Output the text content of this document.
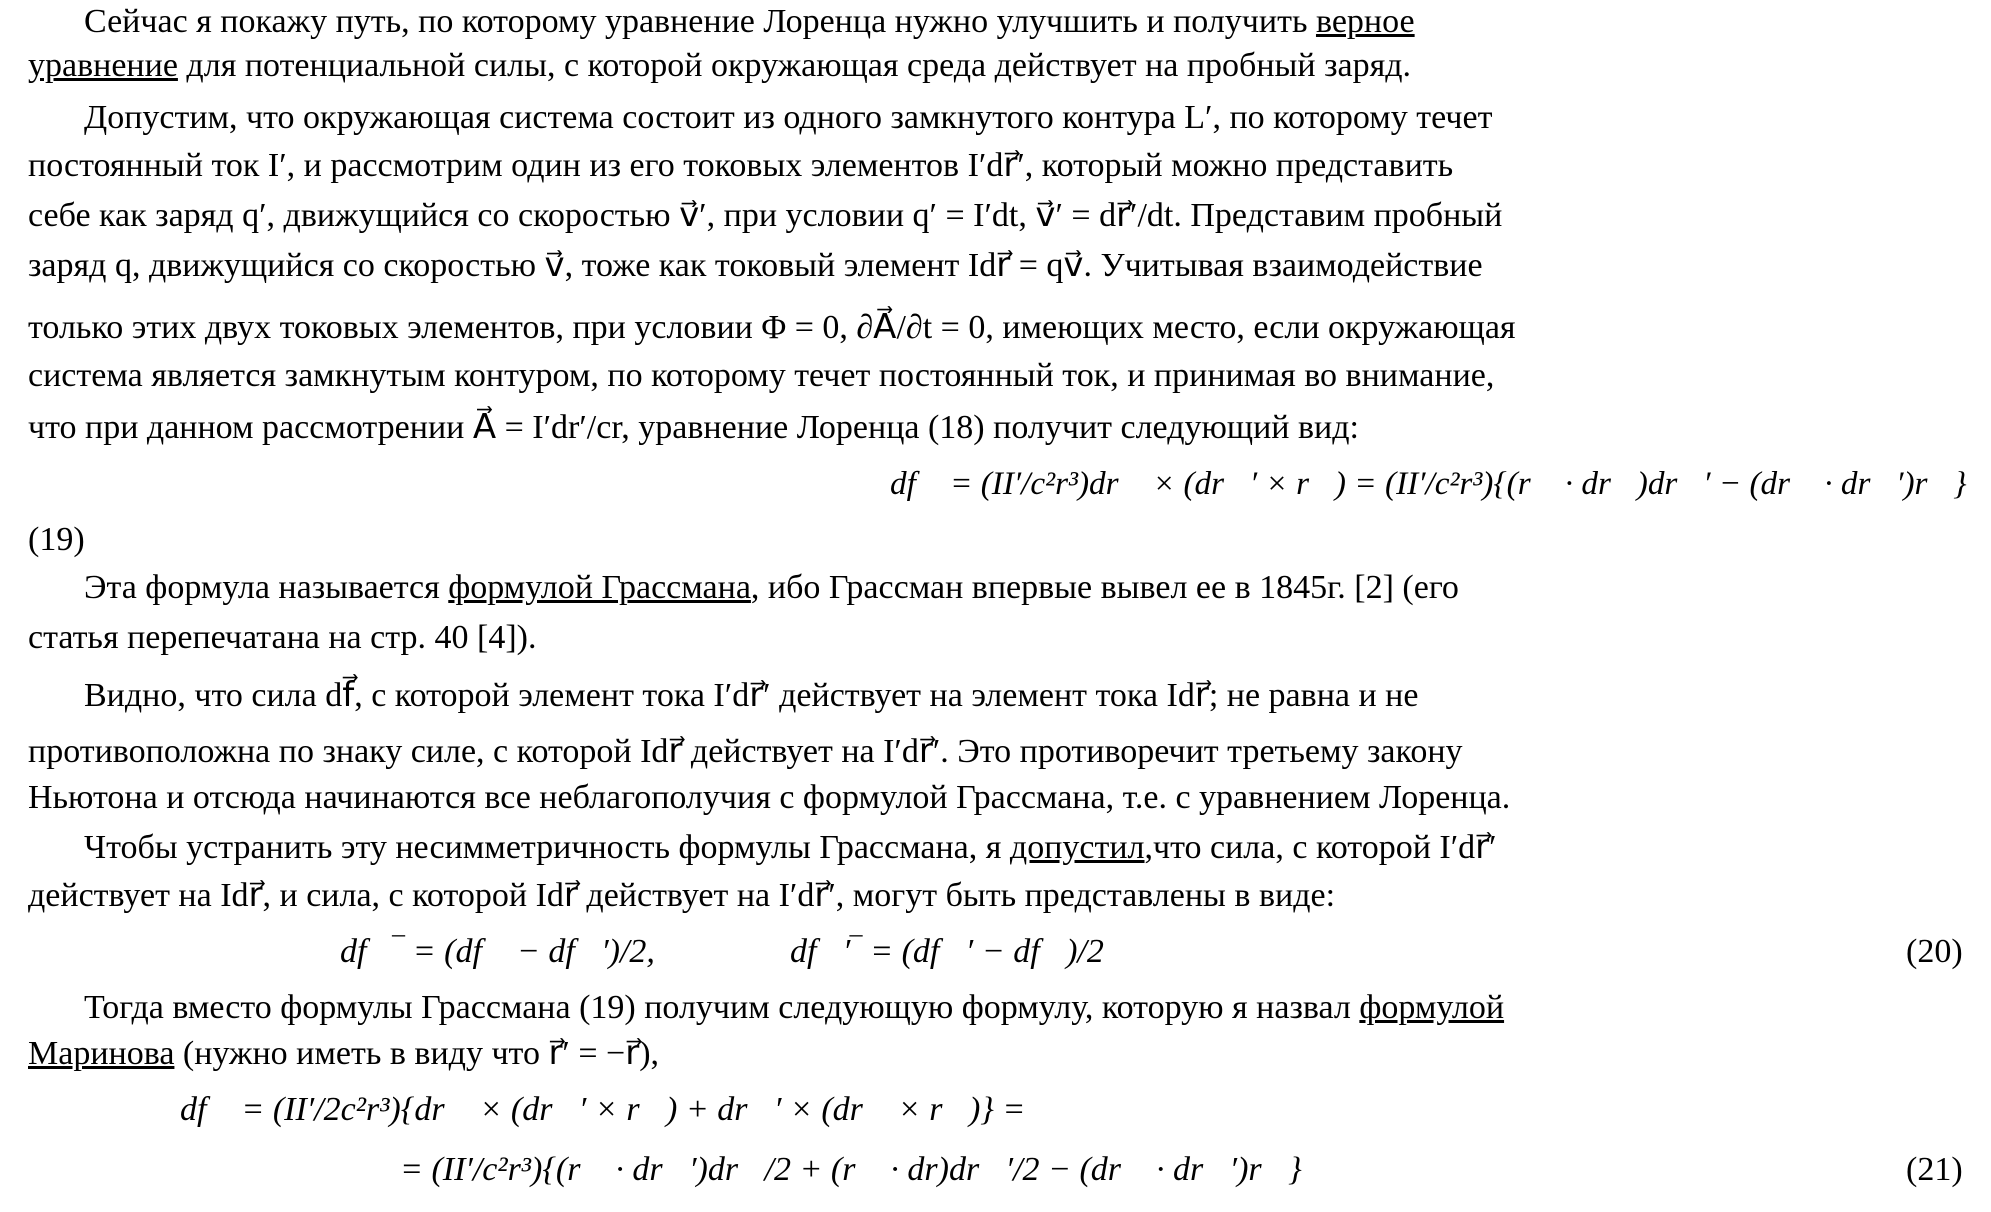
Сейчас я покажу путь, по которому уравнение Лоренца нужно улучшить и получить верное
уравнение для потенциальной силы, с которой окружающая среда действует на пробный заряд.
Допустим, что окружающая система состоит из одного замкнутого контура L′, по которому течет
постоянный ток I′, и рассмотрим один из его токовых элементов I′dr⃗′, который можно представить
себе как заряд q′, движущийся со скоростью v⃗′, при условии q′ = I′dt, v⃗′ = dr⃗′/dt. Представим пробный
заряд q, движущийся со скоростью v⃗, тоже как токовый элемент Idr⃗ = qv⃗. Учитывая взаимодействие
только этих двух токовых элементов, при условии Φ = 0, ∂A⃗/∂t = 0, имеющих место, если окружающая
система является замкнутым контуром, по которому течет постоянный ток, и принимая во внимание,
что при данном рассмотрении A⃗ = I′dr′/cr, уравнение Лоренца (18) получит следующий вид:
df⃗ = (II′/c²r³)dr⃗ × (dr⃗′ × r⃗) = (II′/c²r³){(r⃗ · dr⃗)dr⃗′ − (dr⃗ · dr⃗′)r⃗}
(19)
Эта формула называется формулой Грассмана, ибо Грассман впервые вывел ее в 1845г. [2] (его
статья перепечатана на стр. 40 [4]).
Видно, что сила df⃗, с которой элемент тока I′dr⃗′ действует на элемент тока Idr⃗; не равна и не
противоположна по знаку силе, с которой Idr⃗ действует на I′dr⃗′. Это противоречит третьему закону
Ньютона и отсюда начинаются все неблагополучия с формулой Грассмана, т.е. с уравнением Лоренца.
Чтобы устранить эту несимметричность формулы Грассмана, я допустил,что сила, с которой I′dr⃗′
действует на Idr⃗, и сила, с которой Idr⃗ действует на I′dr⃗′, могут быть представлены в виде:
df⃗‾ = (df⃗ − df⃗′)/2,	df⃗′‾ = (df⃗′ − df⃗)/2	(20)
Тогда вместо формулы Грассмана (19) получим следующую формулу, которую я назвал формулой
Маринова (нужно иметь в виду что r⃗′ = −r⃗),
df⃗ = (II′/2c²r³){dr⃗ × (dr⃗′ × r⃗) + dr⃗′ × (dr⃗ × r⃗)} =
= (II′/c²r³){(r⃗ · dr⃗′)dr⃗/2 + (r⃗ · dr)dr⃗′/2 − (dr⃗ · dr⃗′)r⃗}	(21)
